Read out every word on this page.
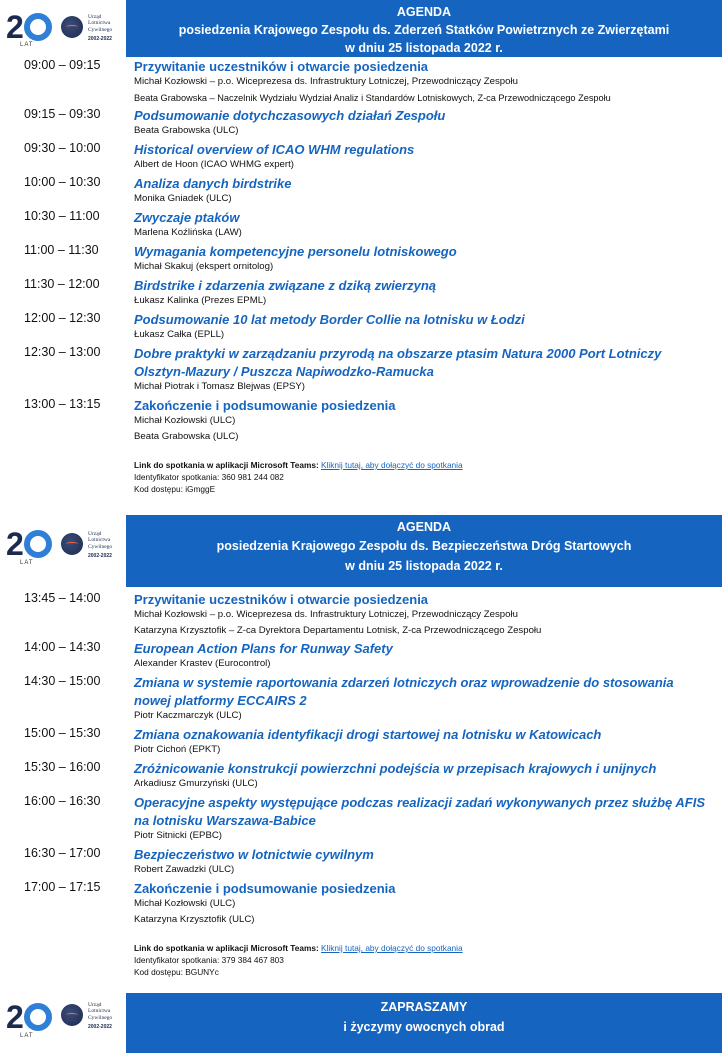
2
LAT
Urząd
Lotnictwa
Cywilnego
2002-2022
AGENDA
posiedzenia Krajowego Zespołu ds. Zderzeń Statków Powietrznych ze Zwierzętami
w dniu 25 listopada 2022 r.
09:00 – 09:15	Przywitanie uczestników i otwarcie posiedzenia
Michał Kozłowski – p.o. Wiceprezesa ds. Infrastruktury Lotniczej, Przewodniczący Zespołu
Beata Grabowska – Naczelnik Wydziału Wydział Analiz i Standardów Lotniskowych, Z-ca Przewodniczącego Zespołu
09:15 – 09:30	Podsumowanie dotychczasowych działań Zespołu
Beata Grabowska (ULC)
09:30 – 10:00	Historical overview of ICAO WHM regulations
Albert de Hoon (ICAO WHMG expert)
10:00 – 10:30	Analiza danych birdstrike
Monika Gniadek (ULC)
10:30 – 11:00	Zwyczaje ptaków
Marlena Koźlińska (LAW)
11:00 – 11:30	Wymagania kompetencyjne personelu lotniskowego
Michał Skakuj (ekspert ornitolog)
11:30 – 12:00	Birdstrike i zdarzenia związane z dziką zwierzyną
Łukasz Kalinka (Prezes EPML)
12:00 – 12:30	Podsumowanie 10 lat metody Border Collie na lotnisku w Łodzi
Łukasz Całka (EPLL)
12:30 – 13:00	Dobre praktyki w zarządzaniu przyrodą na obszarze ptasim Natura 2000 Port Lotniczy Olsztyn-Mazury / Puszcza Napiwodzko-Ramucka
Michał Piotrak i Tomasz Blejwas (EPSY)
13:00 – 13:15	Zakończenie i podsumowanie posiedzenia
Michał Kozłowski (ULC)
Beata Grabowska (ULC)
Link do spotkania w aplikacji Microsoft Teams: Kliknij tutaj, aby dołączyć do spotkania
Identyfikator spotkania: 360 981 244 082
Kod dostępu: iGmggE
2
LAT
Urząd
Lotnictwa
Cywilnego
2002-2022
AGENDA
posiedzenia Krajowego Zespołu ds. Bezpieczeństwa Dróg Startowych
w dniu 25 listopada 2022 r.
13:45 – 14:00	Przywitanie uczestników i otwarcie posiedzenia
Michał Kozłowski – p.o. Wiceprezesa ds. Infrastruktury Lotniczej, Przewodniczący Zespołu
Katarzyna Krzysztofik – Z-ca Dyrektora Departamentu Lotnisk, Z-ca Przewodniczącego Zespołu
14:00 – 14:30	European Action Plans for Runway Safety
Alexander Krastev (Eurocontrol)
14:30 – 15:00	Zmiana w systemie raportowania zdarzeń lotniczych oraz wprowadzenie do stosowania nowej platformy ECCAIRS 2
Piotr Kaczmarczyk (ULC)
15:00 – 15:30	Zmiana oznakowania identyfikacji drogi startowej na lotnisku w Katowicach
Piotr Cichoń (EPKT)
15:30 – 16:00	Zróżnicowanie konstrukcji powierzchni podejścia w przepisach krajowych i unijnych
Arkadiusz Gmurzyński (ULC)
16:00 – 16:30	Operacyjne aspekty występujące podczas realizacji zadań wykonywanych przez służbę AFIS na lotnisku Warszawa-Babice
Piotr Sitnicki (EPBC)
16:30 – 17:00	Bezpieczeństwo w lotnictwie cywilnym
Robert Zawadzki (ULC)
17:00 – 17:15	Zakończenie i podsumowanie posiedzenia
Michał Kozłowski (ULC)
Katarzyna Krzysztofik (ULC)
Link do spotkania w aplikacji Microsoft Teams: Kliknij tutaj, aby dołączyć do spotkania
Identyfikator spotkania: 379 384 467 803
Kod dostępu: BGUNYc
2
LAT
Urząd
Lotnictwa
Cywilnego
2002-2022
ZAPRASZAMY
i życzymy owocnych obrad
